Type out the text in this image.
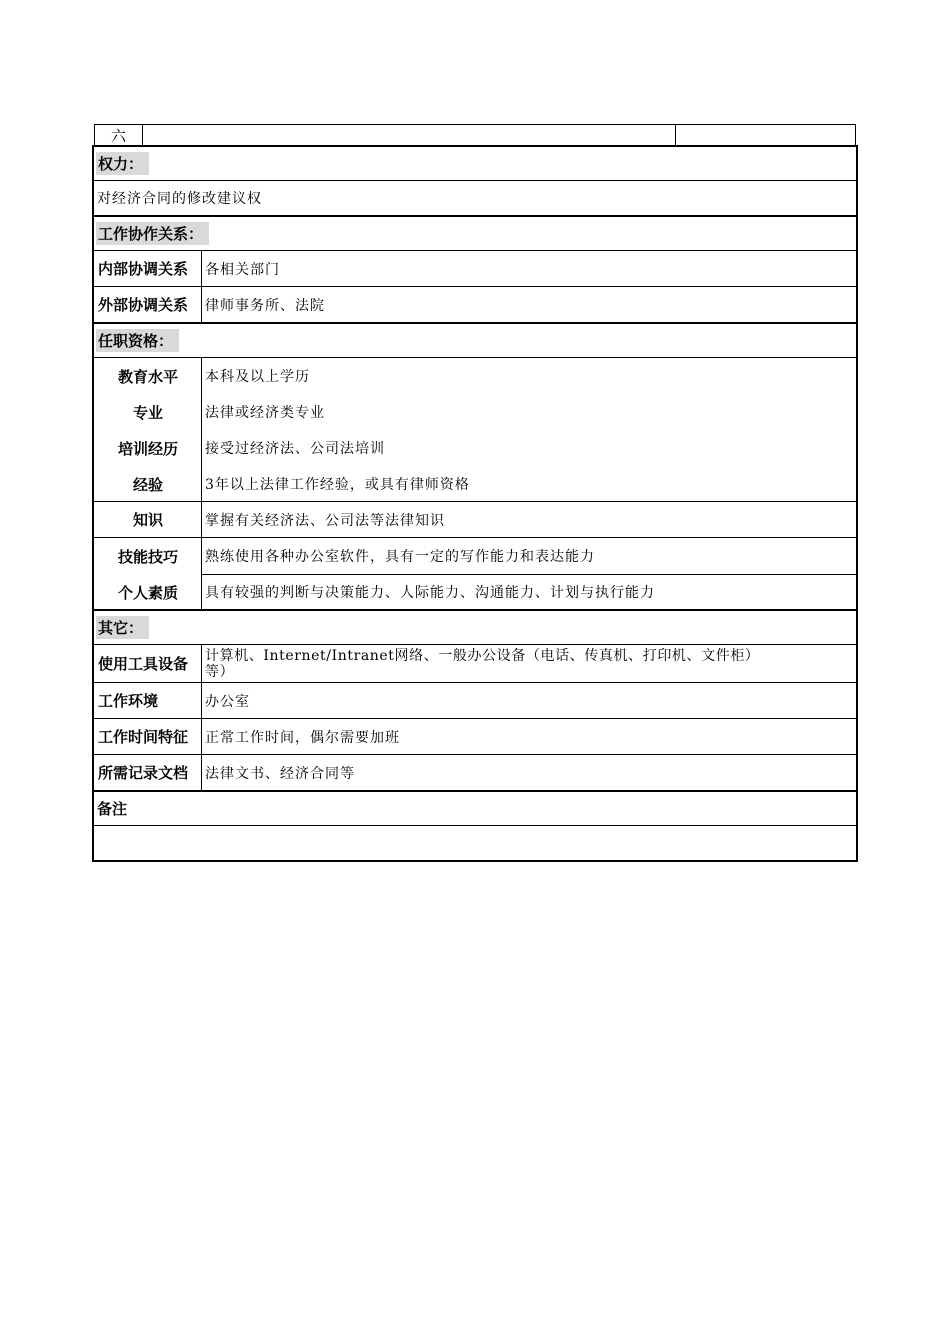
六
权力：
对经济合同的修改建议权
工作协作关系：
内部协调关系	各相关部门
外部协调关系	律师事务所、法院
任职资格：
教育水平	本科及以上学历
专业	法律或经济类专业
培训经历	接受过经济法、公司法培训
经验	3年以上法律工作经验，或具有律师资格
知识	掌握有关经济法、公司法等法律知识
技能技巧	熟练使用各种办公室软件，具有一定的写作能力和表达能力
个人素质	具有较强的判断与决策能力、人际能力、沟通能力、计划与执行能力
其它：
使用工具设备	计算机、Internet/Intranet网络、一般办公设备（电话、传真机、打印机、文件柜）
等）
工作环境	办公室
工作时间特征	正常工作时间，偶尔需要加班
所需记录文档	法律文书、经济合同等
备注
